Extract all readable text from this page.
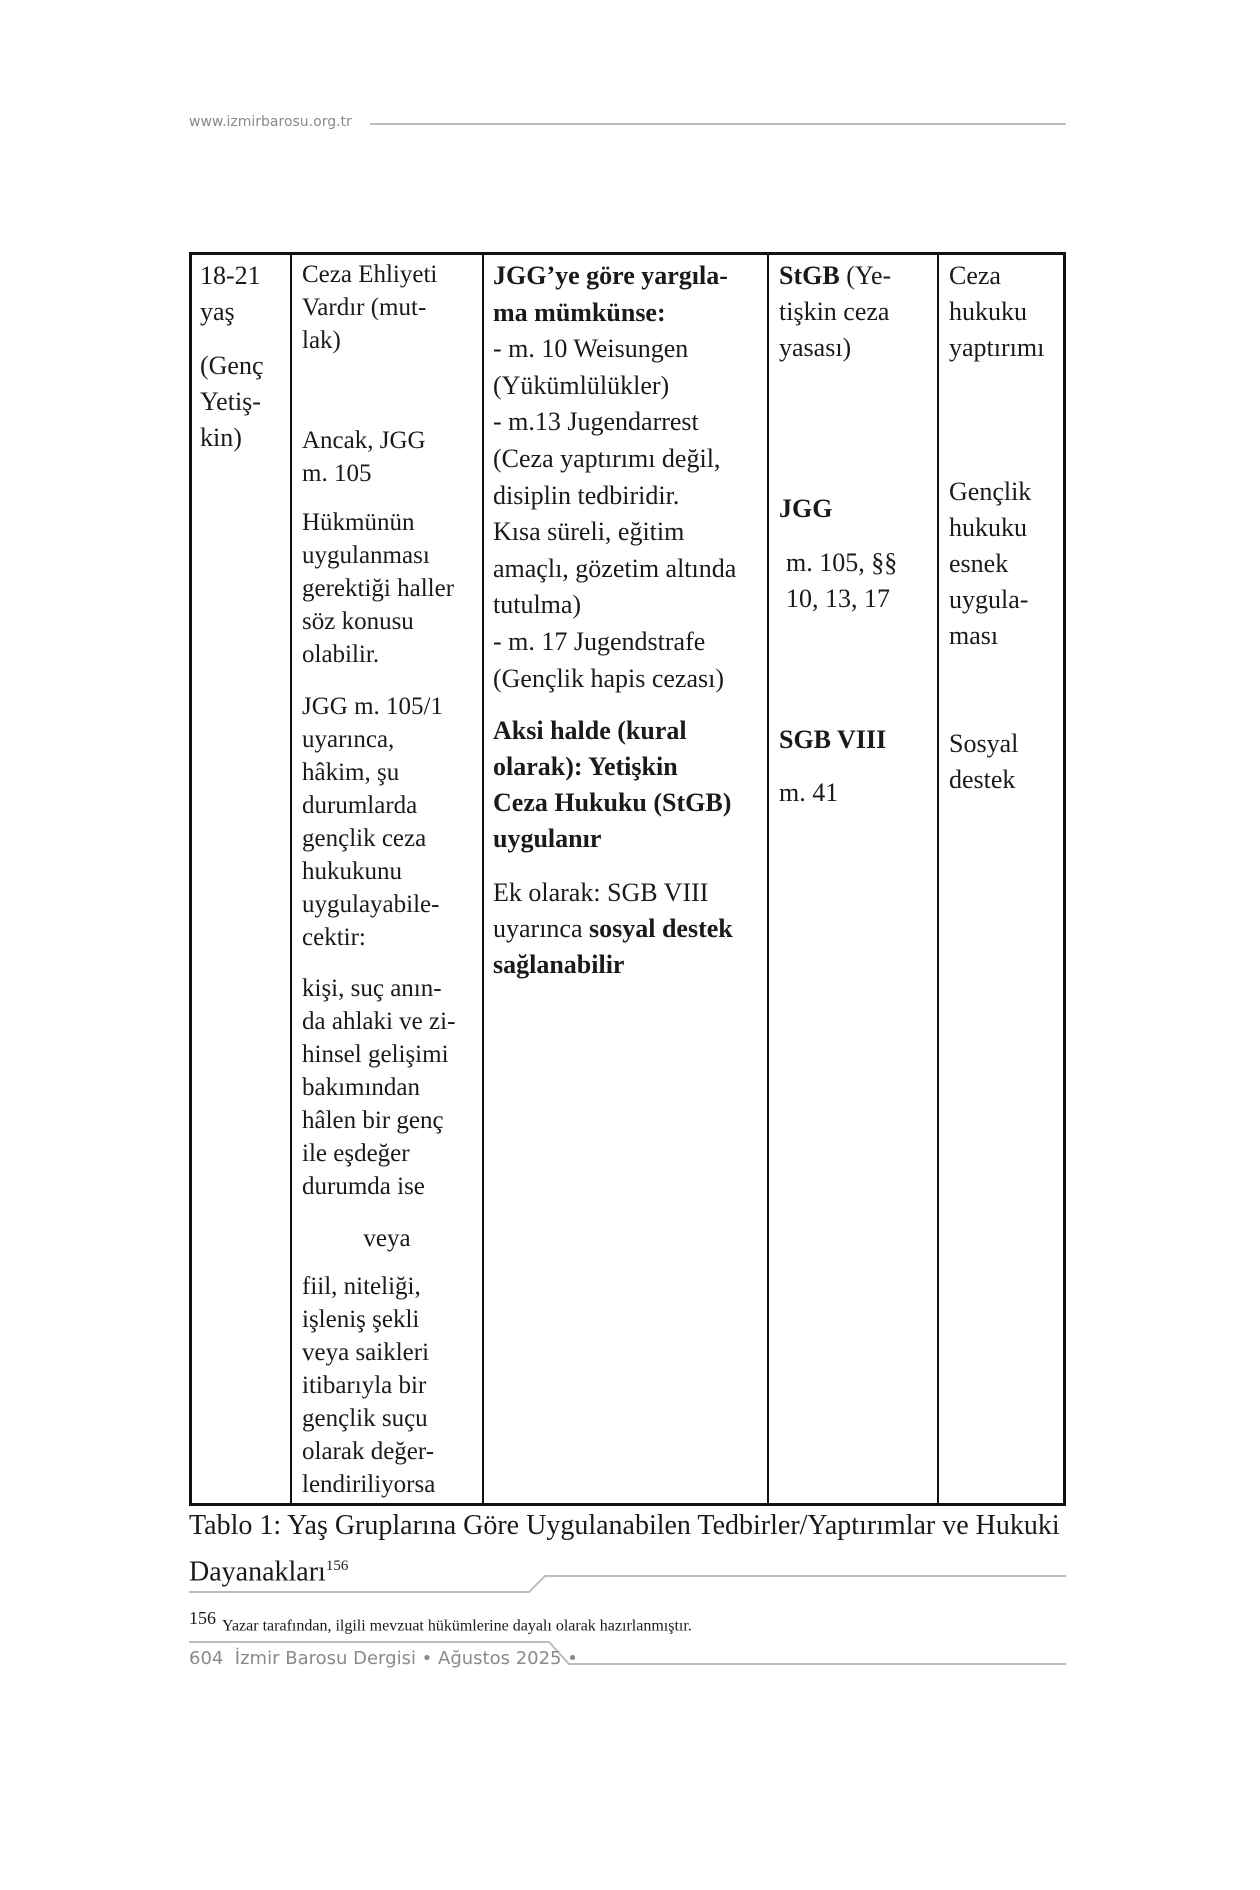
www.izmirbarosu.org.tr
18-21
yaş
(Genç
Yetiş-
kin)
Ceza Ehliyeti
Vardır (mut-
lak)
Ancak, JGG
m. 105
Hükmünün
uygulanması
gerektiği haller
söz konusu
olabilir.
JGG m. 105/1
uyarınca,
hâkim, şu
durumlarda
gençlik ceza
hukukunu
uygulayabile-
cektir:
kişi, suç anın-
da ahlaki ve zi-
hinsel gelişimi
bakımından
hâlen bir genç
ile eşdeğer
durumda ise
veya
fiil, niteliği,
işleniş şekli
veya saikleri
itibarıyla bir
gençlik suçu
olarak değer-
lendiriliyorsa
JGG’ye göre yargıla-
ma mümkünse:
- m. 10 Weisungen
(Yükümlülükler)
- m.13 Jugendarrest
(Ceza yaptırımı değil,
disiplin tedbiridir.
Kısa süreli, eğitim
amaçlı, gözetim altında
tutulma)
- m. 17 Jugendstrafe
(Gençlik hapis cezası)
Aksi halde (kural
olarak): Yetişkin
Ceza Hukuku (StGB)
uygulanır
Ek olarak: SGB VIII
uyarınca sosyal destek
sağlanabilir
StGB (Ye-
tişkin ceza
yasası)
JGG
m. 105, §§
10, 13, 17
SGB VIII
m. 41
Ceza
hukuku
yaptırımı
Gençlik
hukuku
esnek
uygula-
ması
Sosyal
destek
Tablo 1: Yaş Gruplarına Göre Uygulanabilen Tedbirler/Yaptırımlar ve Hukuki Dayanakları$^{156}$
$^{156}$ Yazar tarafından, ilgili mevzuat hükümlerine dayalı olarak hazırlanmıştır.
604  İzmir Barosu Dergisi • Ağustos 2025 •
